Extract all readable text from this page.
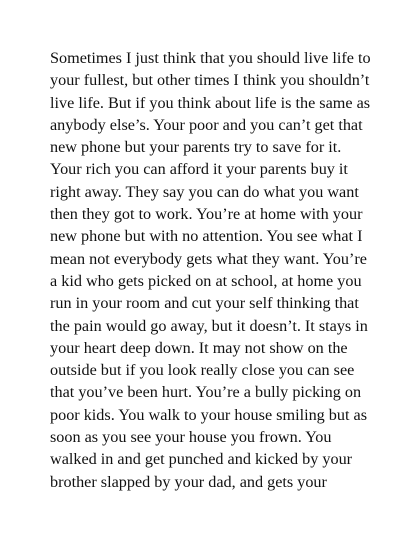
Sometimes I just think that you should live life to
your fullest, but other times I think you shouldn’t
live life. But if you think about life is the same as
anybody else’s. Your poor and you can’t get that
new phone but your parents try to save for it.
Your rich you can afford it your parents buy it
right away. They say you can do what you want
then they got to work. You’re at home with your
new phone but with no attention. You see what I
mean not everybody gets what they want. You’re
a kid who gets picked on at school, at home you
run in your room and cut your self thinking that
the pain would go away, but it doesn’t. It stays in
your heart deep down. It may not show on the
outside but if you look really close you can see
that you’ve been hurt. You’re a bully picking on
poor kids. You walk to your house smiling but as
soon as you see your house you frown. You
walked in and get punched and kicked by your
brother slapped by your dad, and gets your
